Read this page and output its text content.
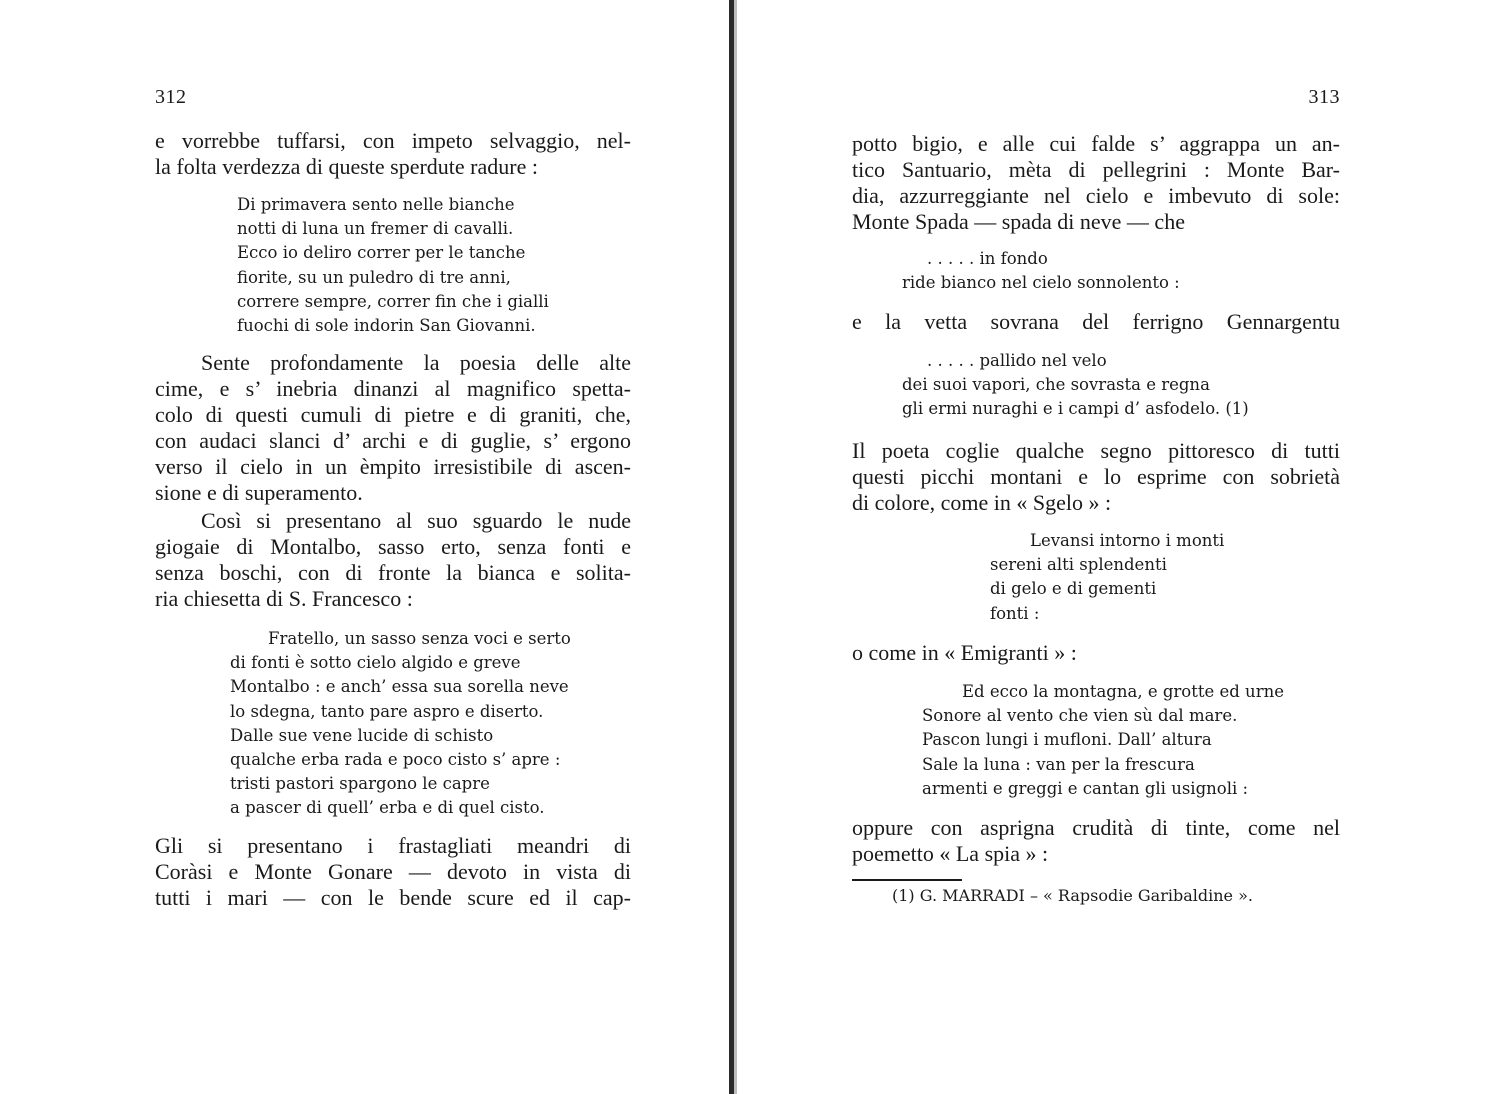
312
e vorrebbe tuffarsi, con impeto selvaggio, nel-
la folta verdezza di queste sperdute radure :
Di primavera sento nelle bianche
notti di luna un fremer di cavalli.
Ecco io deliro correr per le tanche
fiorite, su un puledro di tre anni,
correre sempre, correr fin che i gialli
fuochi di sole indorin San Giovanni.
Sente profondamente la poesia delle alte
cime, e s’ inebria dinanzi al magnifico spetta-
colo di questi cumuli di pietre e di graniti, che,
con audaci slanci d’ archi e di guglie, s’ ergono
verso il cielo in un èmpito irresistibile di ascen-
sione e di superamento.
Così si presentano al suo sguardo le nude
giogaie di Montalbo, sasso erto, senza fonti e
senza boschi, con di fronte la bianca e solita-
ria chiesetta di S. Francesco :
Fratello, un sasso senza voci e serto
di fonti è sotto cielo algido e greve
Montalbo : e anch’ essa sua sorella neve
lo sdegna, tanto pare aspro e diserto.
Dalle sue vene lucide di schisto
qualche erba rada e poco cisto s’ apre :
tristi pastori spargono le capre
a pascer di quell’ erba e di quel cisto.
Gli si presentano i frastagliati meandri di
Coràsi e Monte Gonare — devoto in vista di
tutti i mari — con le bende scure ed il cap-
313
potto bigio, e alle cui falde s’ aggrappa un an-
tico Santuario, mèta di pellegrini : Monte Bar-
dia, azzurreggiante nel cielo e imbevuto di sole:
Monte Spada — spada di neve — che
. . . . . in fondo
ride bianco nel cielo sonnolento :
e la vetta sovrana del ferrigno Gennargentu
. . . . . pallido nel velo
dei suoi vapori, che sovrasta e regna
gli ermi nuraghi e i campi d’ asfodelo. (1)
Il poeta coglie qualche segno pittoresco di tutti
questi picchi montani e lo esprime con sobrietà
di colore, come in « Sgelo » :
Levansi intorno i monti
sereni alti splendenti
di gelo e di gementi
fonti :
o come in « Emigranti » :
Ed ecco la montagna, e grotte ed urne
Sonore al vento che vien sù dal mare.
Pascon lungi i mufloni. Dall’ altura
Sale la luna : van per la frescura
armenti e greggi e cantan gli usignoli :
oppure con asprigna crudità di tinte, come nel
poemetto « La spia » :
(1) G. MARRADI – « Rapsodie Garibaldine ».
